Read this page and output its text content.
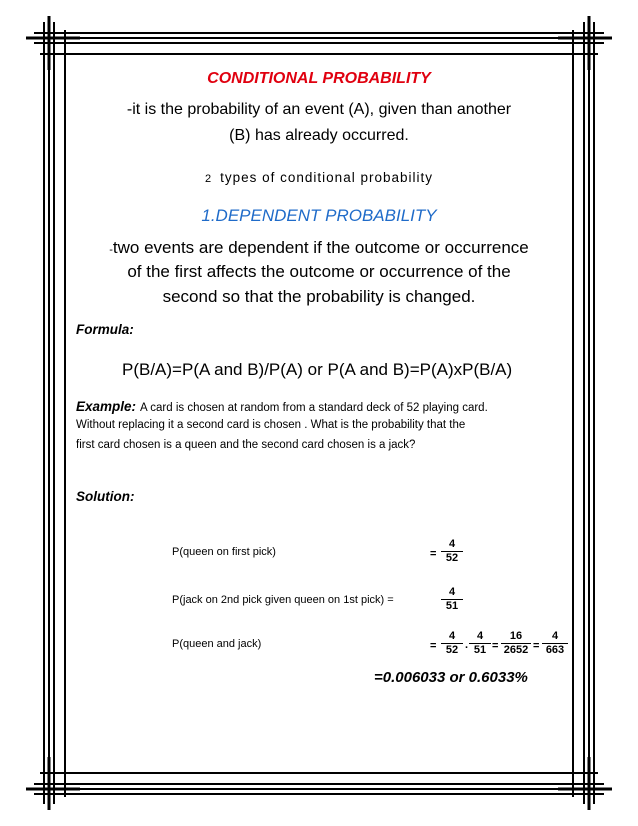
CONDITIONAL PROBABILITY
-it is the probability of an event (A), given than another
(B) has already occurred.
2 types of conditional probability
1.DEPENDENT PROBABILITY
-two events are dependent if the outcome or occurrence
of the first affects the outcome or occurrence of the
second so that the probability is changed.
Formula:
P(B/A)=P(A and B)/P(A) or P(A and B)=P(A)xP(B/A)
Example: A card is chosen at random from a standard deck of 52 playing card.
Without replacing it a second card is chosen . What is the probability that the
first card chosen is a queen and the second card chosen is a jack?
Solution:
P(queen on first pick)	=
4
52
P(jack on 2nd pick given queen on 1st pick) =
4
51
P(queen and jack)	=
4
52 .
4
51 =
16
2652 =
4
663
=0.006033 or 0.6033%
